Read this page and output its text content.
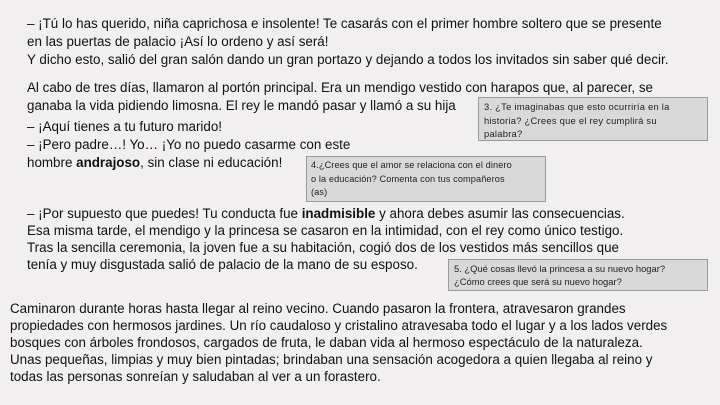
– ¡Tú lo has querido, niña caprichosa e insolente! Te casarás con el primer hombre soltero que se presente
en las puertas de palacio ¡Así lo ordeno y así será!
Y dicho esto, salió del gran salón dando un gran portazo y dejando a todos los invitados sin saber qué decir.
Al cabo de tres días, llamaron al portón principal. Era un mendigo vestido con harapos que, al parecer, se
ganaba la vida pidiendo limosna. El rey le mandó pasar y llamó a su hija
– ¡Aquí tienes a tu futuro marido!
– ¡Pero padre…! Yo… ¡Yo no puedo casarme con este
hombre andrajoso, sin clase ni educación!
– ¡Por supuesto que puedes! Tu conducta fue inadmisible y ahora debes asumir las consecuencias.
Esa misma tarde, el mendigo y la princesa se casaron en la intimidad, con el rey como único testigo.
Tras la sencilla ceremonia, la joven fue a su habitación, cogió dos de los vestidos más sencillos que
tenía y muy disgustada salió de palacio de la mano de su esposo.
Caminaron durante horas hasta llegar al reino vecino. Cuando pasaron la frontera, atravesaron grandes
propiedades con hermosos jardines. Un río caudaloso y cristalino atravesaba todo el lugar y a los lados verdes
bosques con árboles frondosos, cargados de fruta, le daban vida al hermoso espectáculo de la naturaleza.
Unas pequeñas, limpias y muy bien pintadas; brindaban una sensación acogedora a quien llegaba al reino y
todas las personas sonreían y saludaban al ver a un forastero.
3. ¿Te imaginabas que esto ocurriría en la
historia? ¿Crees que el rey cumplirá su
palabra?
4.¿Crees que el amor se relaciona con el dinero
o la educación? Comenta con tus compañeros
(as)
5. ¿Qué cosas llevó la princesa a su nuevo hogar?
¿Cómo crees que será su nuevo hogar?
